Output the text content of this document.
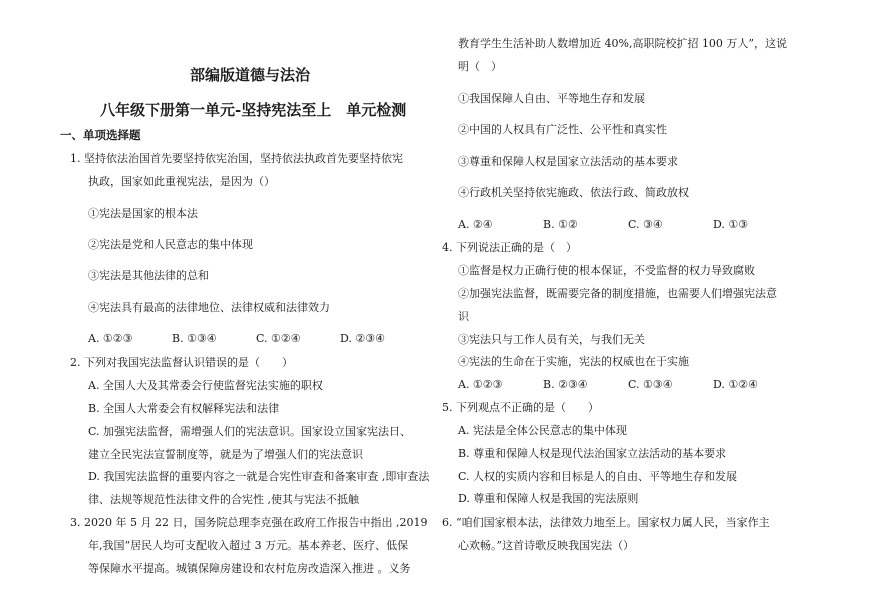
部编版道德与法治
八年级下册第一单元-坚持宪法至上　单元检测
一、单项选择题
1. 坚持依法治国首先要坚持依宪治国，坚持依法执政首先要坚持依宪
执政，国家如此重视宪法，是因为（）
①宪法是国家的根本法
②宪法是党和人民意志的集中体现
③宪法是其他法律的总和
④宪法具有最高的法律地位、法律权威和法律效力
A. ①②③	B. ①③④	C. ①②④	D. ②③④
2. 下列对我国宪法监督认识错误的是（　　）
A. 全国人大及其常委会行使监督宪法实施的职权
B. 全国人大常委会有权解释宪法和法律
C. 加强宪法监督，需增强人们的宪法意识。国家设立国家宪法日、
建立全民宪法宣誓制度等，就是为了增强人们的宪法意识
D. 我国宪法监督的重要内容之一就是合宪性审查和备案审查 ,即审查法
律、法规等规范性法律文件的合宪性 ,使其与宪法不抵触
3. 2020 年 5 月 22 日，国务院总理李克强在政府工作报告中指出 ,2019
年,我国“居民人均可支配收入超过 3 万元。基本养老、医疗、低保
等保障水平提高。城镇保障房建设和农村危房改造深入推进 。义务
教育学生生活补助人数增加近 40%,高职院校扩招 100 万人”，这说
明（　）
①我国保障人自由、平等地生存和发展
②中国的人权具有广泛性、公平性和真实性
③尊重和保障人权是国家立法活动的基本要求
④行政机关坚持依宪施政、依法行政、简政放权
A. ②④	B. ①②	C. ③④	D. ①③
4. 下列说法正确的是（　）
①监督是权力正确行使的根本保证，不受监督的权力导致腐败
②加强宪法监督，既需要完备的制度措施，也需要人们增强宪法意
识
③宪法只与工作人员有关，与我们无关
④宪法的生命在于实施，宪法的权威也在于实施
A. ①②③	B. ②③④	C. ①③④	D. ①②④
5. 下列观点不正确的是（　　）
A. 宪法是全体公民意志的集中体现
B. 尊重和保障人权是现代法治国家立法活动的基本要求
C. 人权的实质内容和目标是人的自由、平等地生存和发展
D. 尊重和保障人权是我国的宪法原则
6. “咱们国家根本法，法律效力地至上。国家权力属人民，当家作主
心欢畅。”这首诗歌反映我国宪法（）
